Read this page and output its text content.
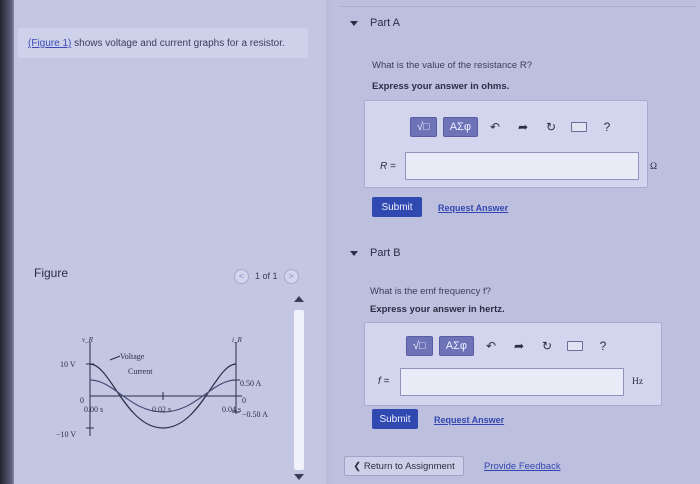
(Figure 1) shows voltage and current graphs for a resistor.
Figure	<	1 of 1	>
v_R	i_R
Voltage
Current
10 V
−10 V
0
0.00 s	0.02 s	0.04 s
0.50 A
0
−0.50 A
Part A
What is the value of the resistance R?
Express your answer in ohms.
√□	ΑΣφ	↶	➦	↻	?
R =	Ω
Submit	Request Answer
Part B
What is the emf frequency f?
Express your answer in hertz.
√□	ΑΣφ	↶	➦	↻	?
f =	Hz
Submit	Request Answer
❮ Return to Assignment	Provide Feedback
